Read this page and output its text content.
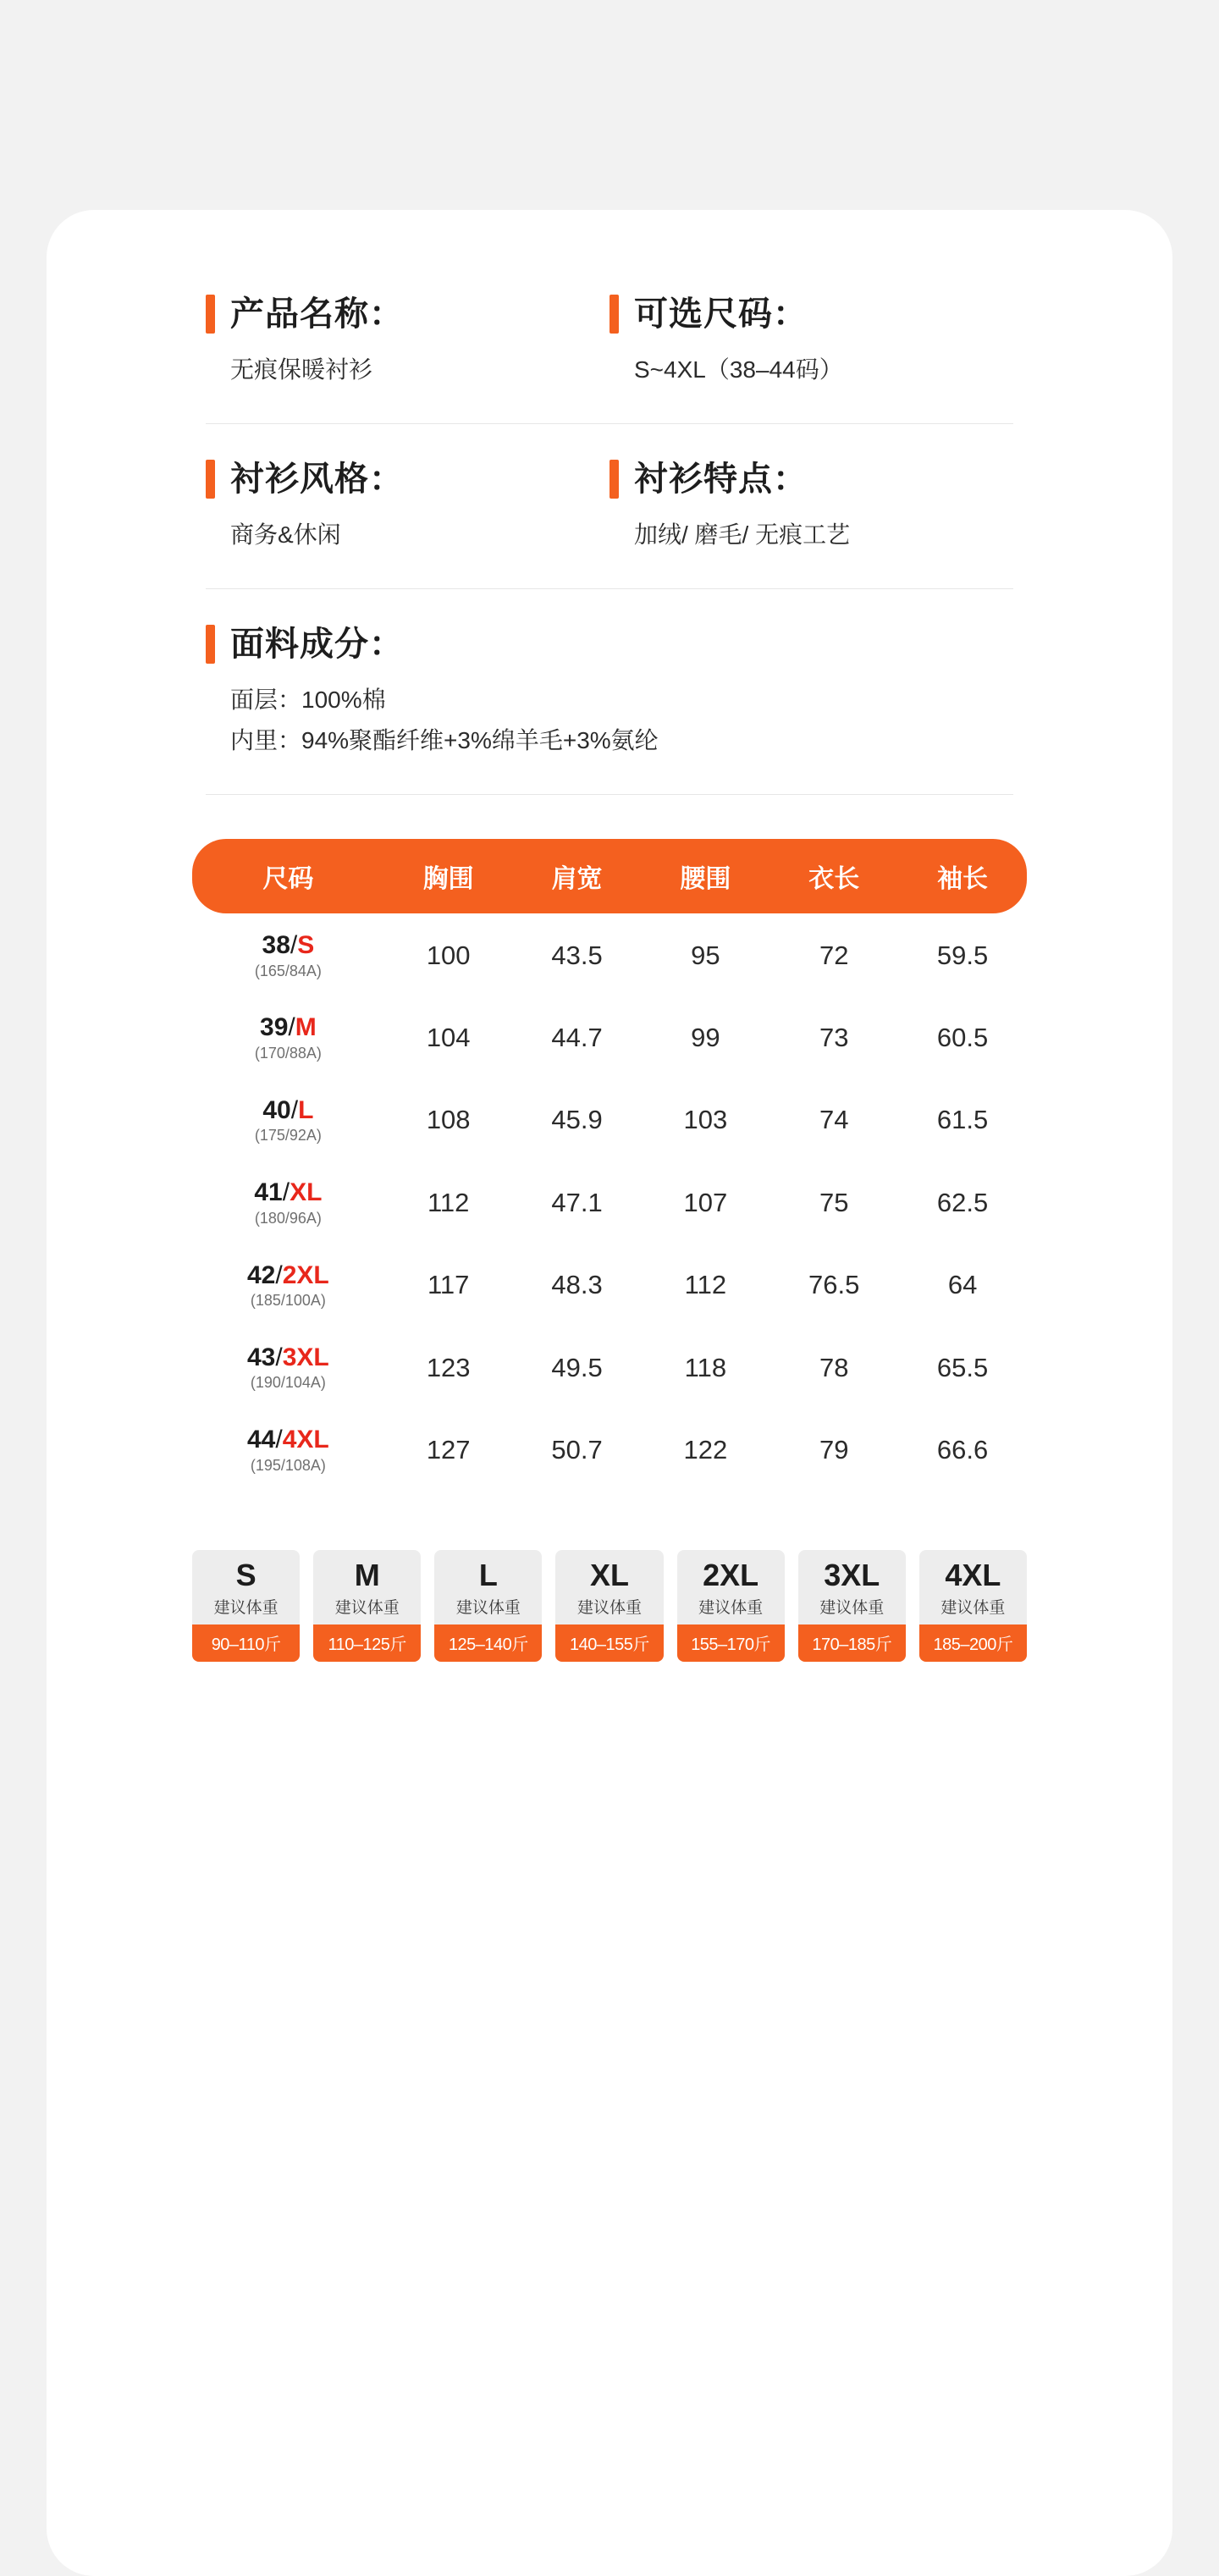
产品名称：
无痕保暖衬衫
可选尺码：
S~4XL（38–44码）
衬衫风格：
商务&休闲
衬衫特点：
加绒/ 磨毛/ 无痕工艺
面料成分：
面层：100%棉
内里：94%聚酯纤维+3%绵羊毛+3%氨纶
尺码	胸围	肩宽	腰围	衣长	袖长

38/S
(165/84A)	100	43.5	95	72	59.5

39/M
(170/88A)	104	44.7	99	73	60.5

40/L
(175/92A)	108	45.9	103	74	61.5

41/XL
(180/96A)	112	47.1	107	75	62.5

42/2XL
(185/100A)	117	48.3	112	76.5	64

43/3XL
(190/104A)	123	49.5	118	78	65.5

44/4XL
(195/108A)	127	50.7	122	79	66.6
S
建议体重
90–110斤
M
建议体重
110–125斤
L
建议体重
125–140斤
XL
建议体重
140–155斤
2XL
建议体重
155–170斤
3XL
建议体重
170–185斤
4XL
建议体重
185–200斤
